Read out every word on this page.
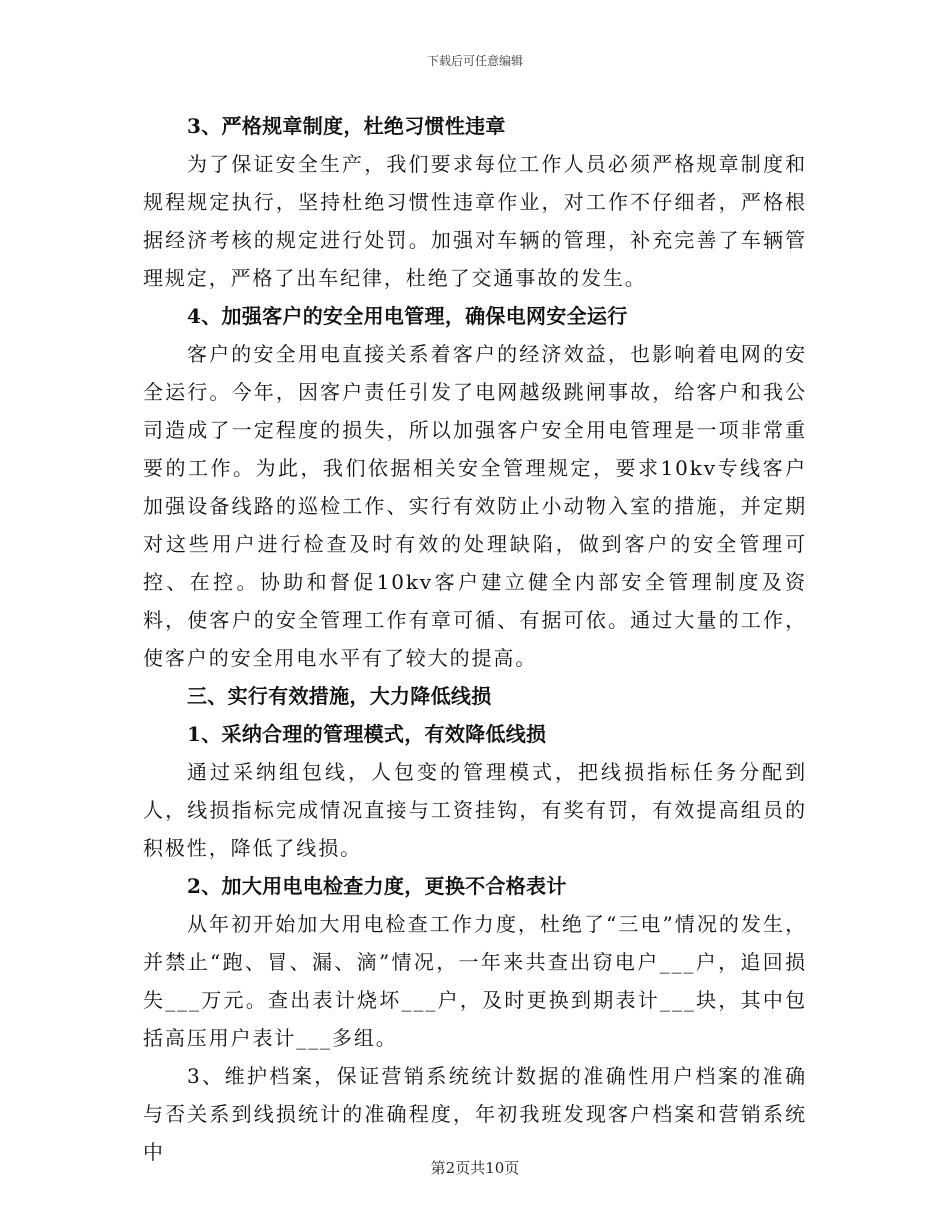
下载后可任意编辑
3、严格规章制度，杜绝习惯性违章
为了保证安全生产，我们要求每位工作人员必须严格规章制度和规程规定执行，坚持杜绝习惯性违章作业，对工作不仔细者，严格根据经济考核的规定进行处罚。加强对车辆的管理，补充完善了车辆管理规定，严格了出车纪律，杜绝了交通事故的发生。
4、加强客户的安全用电管理，确保电网安全运行
客户的安全用电直接关系着客户的经济效益，也影响着电网的安全运行。今年，因客户责任引发了电网越级跳闸事故，给客户和我公司造成了一定程度的损失，所以加强客户安全用电管理是一项非常重要的工作。为此，我们依据相关安全管理规定，要求10kv专线客户加强设备线路的巡检工作、实行有效防止小动物入室的措施，并定期对这些用户进行检查及时有效的处理缺陷，做到客户的安全管理可控、在控。协助和督促10kv客户建立健全内部安全管理制度及资料，使客户的安全管理工作有章可循、有据可依。通过大量的工作，使客户的安全用电水平有了较大的提高。
三、实行有效措施，大力降低线损
1、采纳合理的管理模式，有效降低线损
通过采纳组包线，人包变的管理模式，把线损指标任务分配到人，线损指标完成情况直接与工资挂钩，有奖有罚，有效提高组员的积极性，降低了线损。
2、加大用电电检查力度，更换不合格表计
从年初开始加大用电检查工作力度，杜绝了“三电”情况的发生，并禁止“跑、冒、漏、滴”情况，一年来共查出窃电户___户，追回损失___万元。查出表计烧坏___户，及时更换到期表计___块，其中包括高压用户表计___多组。
3、维护档案，保证营销系统统计数据的准确性用户档案的准确与否关系到线损统计的准确程度，年初我班发现客户档案和营销系统中
第2页共10页
